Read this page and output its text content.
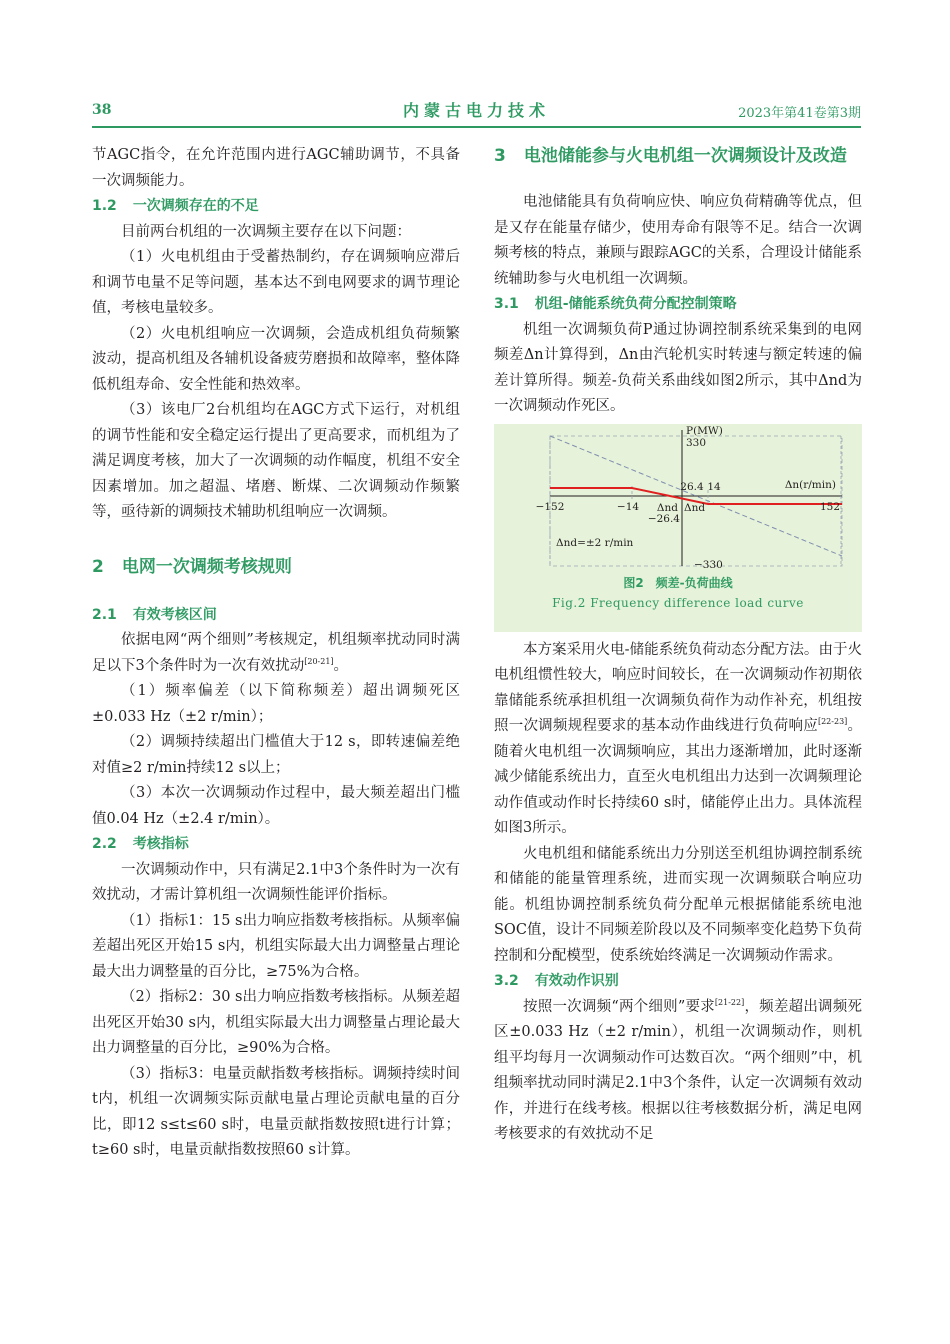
38	内蒙古电力技术	2023年第41卷第3期

节AGC指令，在允许范围内进行AGC辅助调节，不具备一次调频能力。

1.2 一次调频存在的不足

目前两台机组的一次调频主要存在以下问题：

（1）火电机组由于受蓄热制约，存在调频响应滞后和调节电量不足等问题，基本达不到电网要求的调节理论值，考核电量较多。

（2）火电机组响应一次调频，会造成机组负荷频繁波动，提高机组及各辅机设备疲劳磨损和故障率，整体降低机组寿命、安全性能和热效率。

（3）该电厂2台机组均在AGC方式下运行，对机组的调节性能和安全稳定运行提出了更高要求，而机组为了满足调度考核，加大了一次调频的动作幅度，机组不安全因素增加。加之超温、堵磨、断煤、二次调频动作频繁等，亟待新的调频技术辅助机组响应一次调频。

2 电网一次调频考核规则
2.1 有效考核区间

依据电网“两个细则”考核规定，机组频率扰动同时满足以下3个条件时为一次有效扰动[20-21]。

（1）频率偏差（以下简称频差）超出调频死区±0.033 Hz（±2 r/min）；

（2）调频持续超出门槛值大于12 s，即转速偏差绝对值≥2 r/min持续12 s以上；

（3）本次一次调频动作过程中，最大频差超出门槛值0.04 Hz（±2.4 r/min）。

2.2 考核指标

一次调频动作中，只有满足2.1中3个条件时为一次有效扰动，才需计算机组一次调频性能评价指标。

（1）指标1：15 s出力响应指数考核指标。从频率偏差超出死区开始15 s内，机组实际最大出力调整量占理论最大出力调整量的百分比，≥75%为合格。

（2）指标2：30 s出力响应指数考核指标。从频差超出死区开始30 s内，机组实际最大出力调整量占理论最大出力调整量的百分比，≥90%为合格。

（3）指标3：电量贡献指数考核指标。调频持续时间t内，机组一次调频实际贡献电量占理论贡献电量的百分比，即12 s≤t≤60 s时，电量贡献指数按照t进行计算；t≥60 s时，电量贡献指数按照60 s计算。

3 电池储能参与火电机组一次调频设计及改造

电池储能具有负荷响应快、响应负荷精确等优点，但是又存在能量存储少，使用寿命有限等不足。结合一次调频考核的特点，兼顾与跟踪AGC的关系，合理设计储能系统辅助参与火电机组一次调频。

3.1 机组-储能系统负荷分配控制策略

机组一次调频负荷P通过协调控制系统采集到的电网频差Δn计算得到，Δn由汽轮机实时转速与额定转速的偏差计算所得。频差-负荷关系曲线如图2所示，其中Δnd为一次调频动作死区。

P(MW)
330
−330
Δn(r/min)
−152	152
−14
14
26.4
−26.4
Δnd Δnd
Δnd=±2 r/min
图2　频差-负荷曲线
Fig.2 Frequency difference load curve

本方案采用火电-储能系统负荷动态分配方法。由于火电机组惯性较大，响应时间较长，在一次调频动作初期依靠储能系统承担机组一次调频负荷作为动作补充，机组按照一次调频规程要求的基本动作曲线进行负荷响应[22-23]。随着火电机组一次调频响应，其出力逐渐增加，此时逐渐减少储能系统出力，直至火电机组出力达到一次调频理论动作值或动作时长持续60 s时，储能停止出力。具体流程如图3所示。

火电机组和储能系统出力分别送至机组协调控制系统和储能的能量管理系统，进而实现一次调频联合响应功能。机组协调控制系统负荷分配单元根据储能系统电池SOC值，设计不同频差阶段以及不同频率变化趋势下负荷控制和分配模型，使系统始终满足一次调频动作需求。

3.2 有效动作识别

按照一次调频“两个细则”要求[21-22]，频差超出调频死区±0.033 Hz（±2 r/min），机组一次调频动作，则机组平均每月一次调频动作可达数百次。“两个细则”中，机组频率扰动同时满足2.1中3个条件，认定一次调频有效动作，并进行在线考核。根据以往考核数据分析，满足电网考核要求的有效扰动不足
